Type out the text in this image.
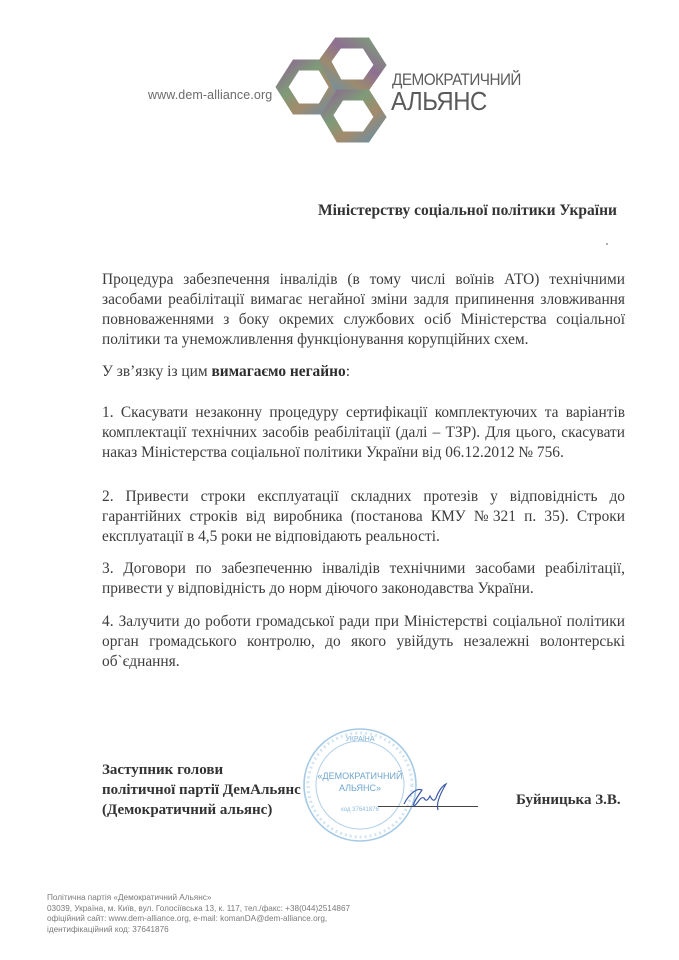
www.dem-alliance.org
ДЕМОКРАТИЧНИЙ
АЛЬЯНС
Міністерству соціальної політики України

Процедура забезпечення інвалідів (в тому числі воїнів АТО) технічними засобами реабілітації вимагає негайної зміни задля припинення зловживання повноваженнями з боку окремих службових осіб Міністерства соціальної політики та унеможливлення функціонування корупційних схем.

У зв’язку із цим вимагаємо негайно:

1. Скасувати незаконну процедуру сертифікації комплектуючих та варіантів комплектації технічних засобів реабілітації (далі – ТЗР). Для цього, скасувати наказ Міністерства соціальної політики України від 06.12.2012 № 756.

2. Привести строки експлуатації складних протезів у відповідність до гарантійних строків від виробника (постанова КМУ №321 п. 35). Строки експлуатації в 4,5 роки не відповідають реальності.

3. Договори по забезпеченню інвалідів технічними засобами реабілітації, привести у відповідність до норм діючого законодавства України.

4. Залучити до роботи громадської ради при Міністерстві соціальної політики орган громадського контролю, до якого увійдуть незалежні волонтерські об`єднання.

УКРАЇНА
«ДЕМОКРАТИЧНИЙ
АЛЬЯНС»
код 37641876
Заступник голови
політичної партії ДемАльянс
(Демократичний альянс)
Буйницька З.В.
Політична партія «Демократичний Альянс»
03039, Україна, м. Київ, вул. Голосіївська 13, к. 117, тел./факс: +38(044)2514867
офіційний сайт: www.dem-alliance.org, e-mail: komanDA@dem-alliance.org,
ідентифікаційний код: 37641876
